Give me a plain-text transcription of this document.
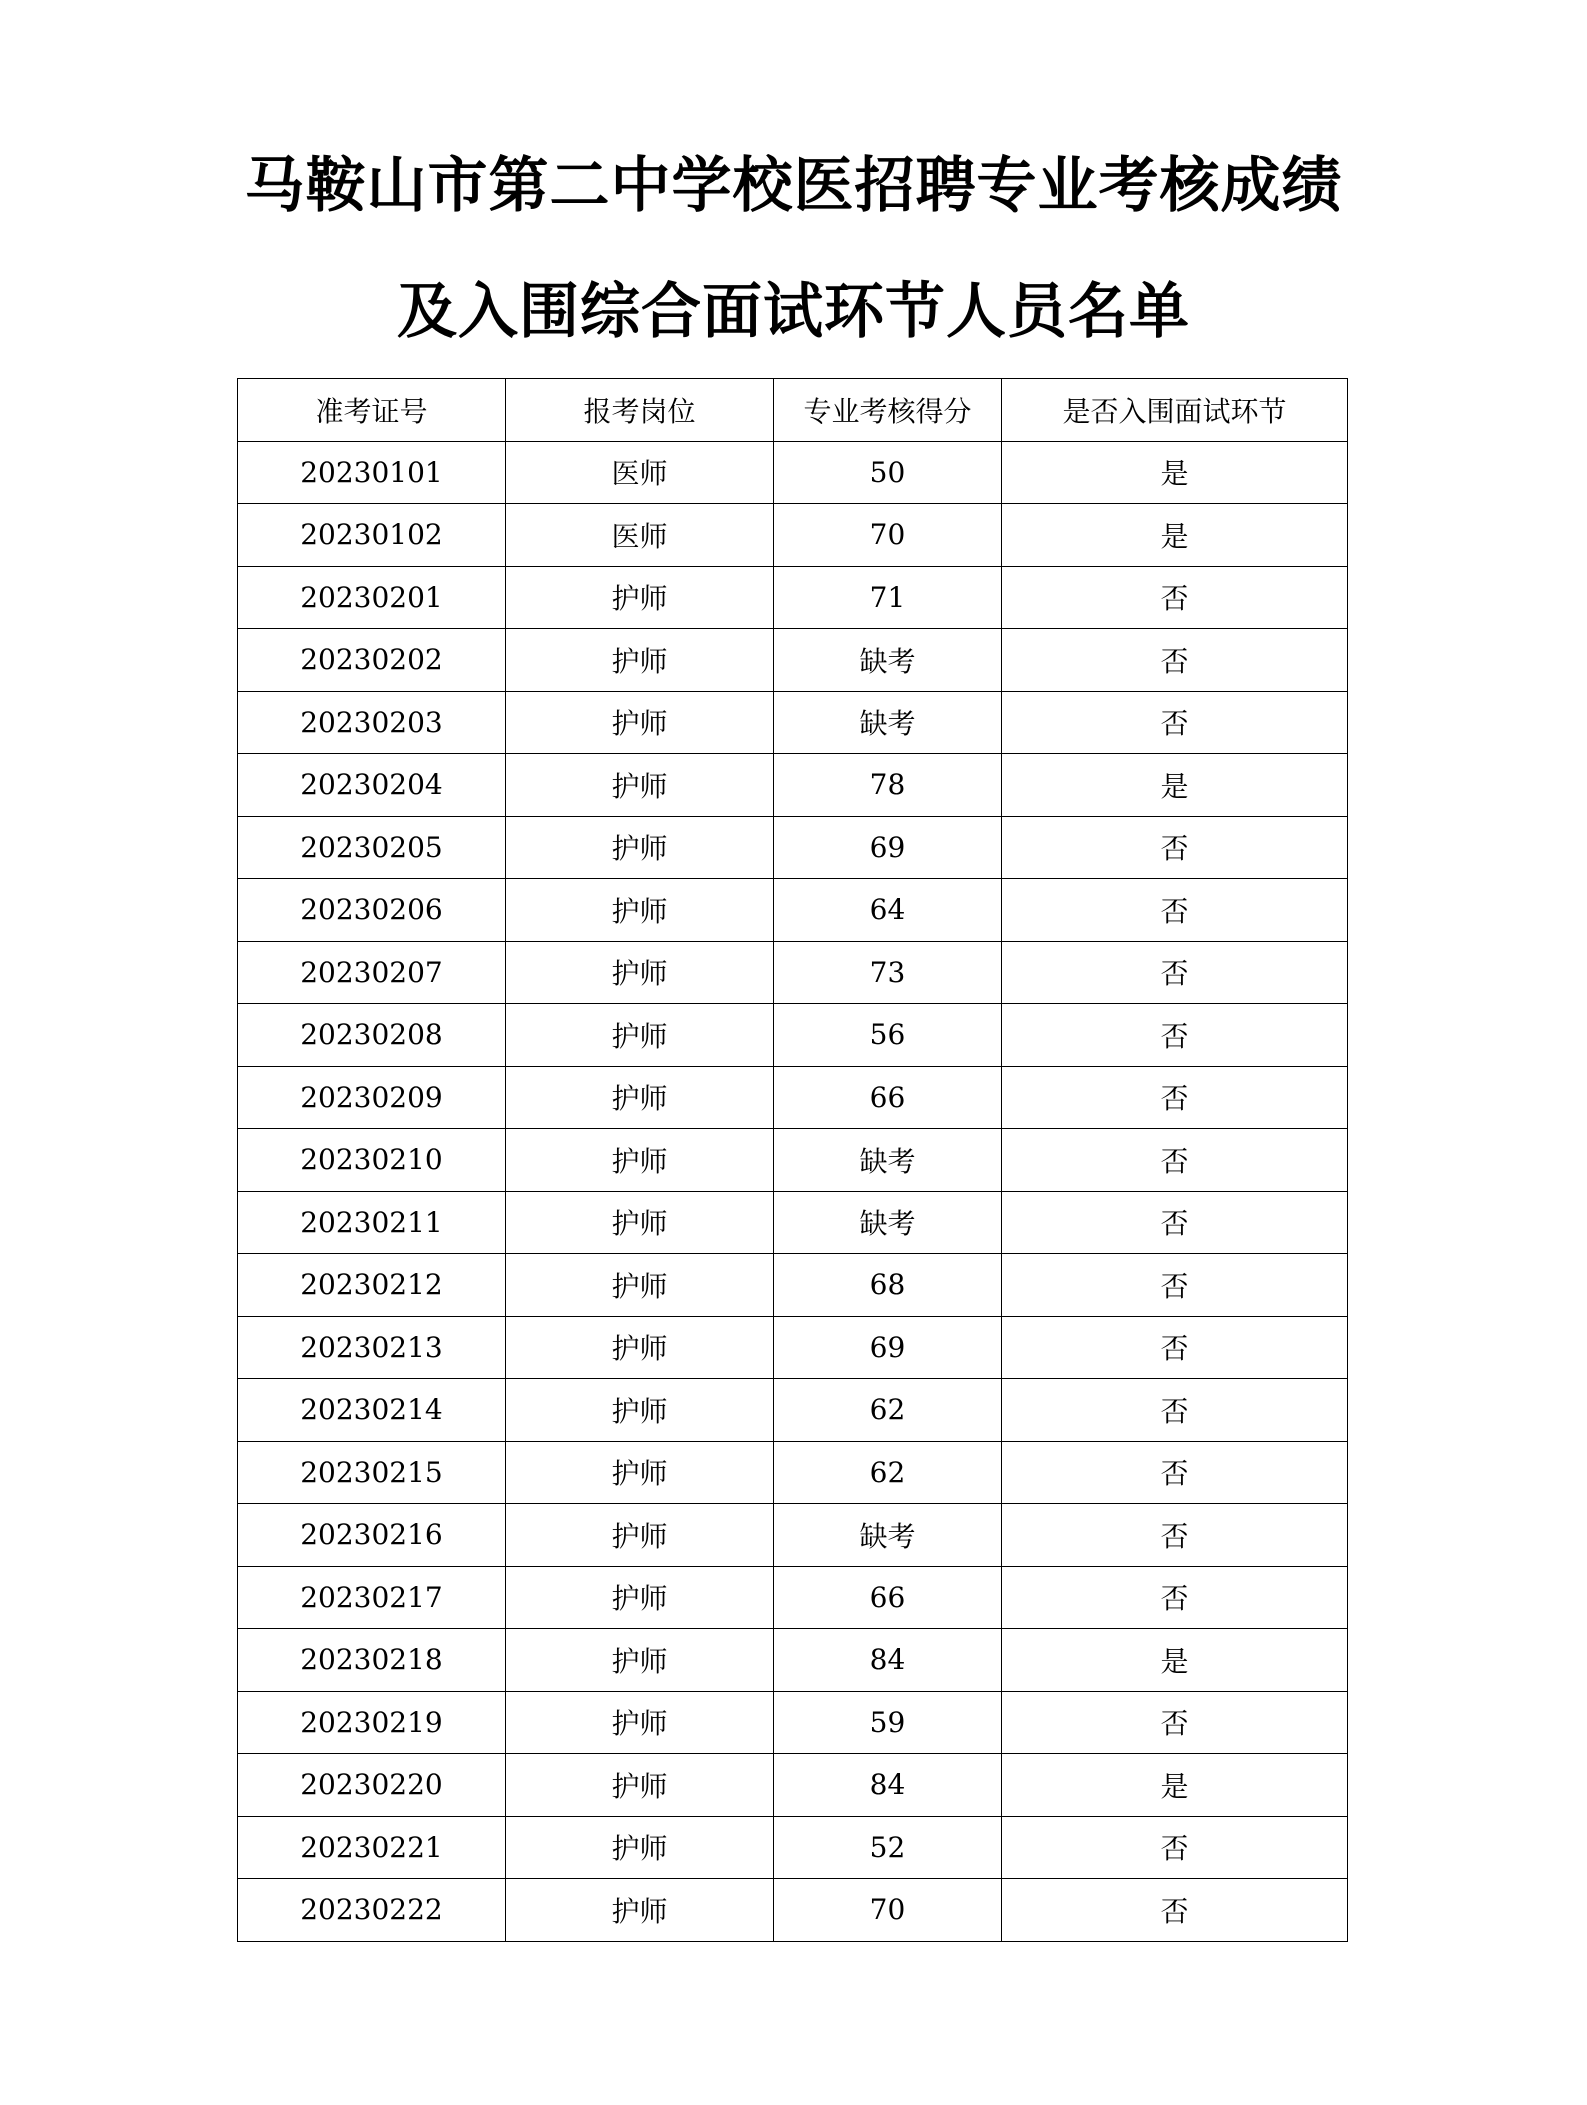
马鞍山市第二中学校医招聘专业考核成绩
及入围综合面试环节人员名单
准考证号	报考岗位	专业考核得分	是否入围面试环节
20230101	医师	50	是
20230102	医师	70	是
20230201	护师	71	否
20230202	护师	缺考	否
20230203	护师	缺考	否
20230204	护师	78	是
20230205	护师	69	否
20230206	护师	64	否
20230207	护师	73	否
20230208	护师	56	否
20230209	护师	66	否
20230210	护师	缺考	否
20230211	护师	缺考	否
20230212	护师	68	否
20230213	护师	69	否
20230214	护师	62	否
20230215	护师	62	否
20230216	护师	缺考	否
20230217	护师	66	否
20230218	护师	84	是
20230219	护师	59	否
20230220	护师	84	是
20230221	护师	52	否
20230222	护师	70	否
